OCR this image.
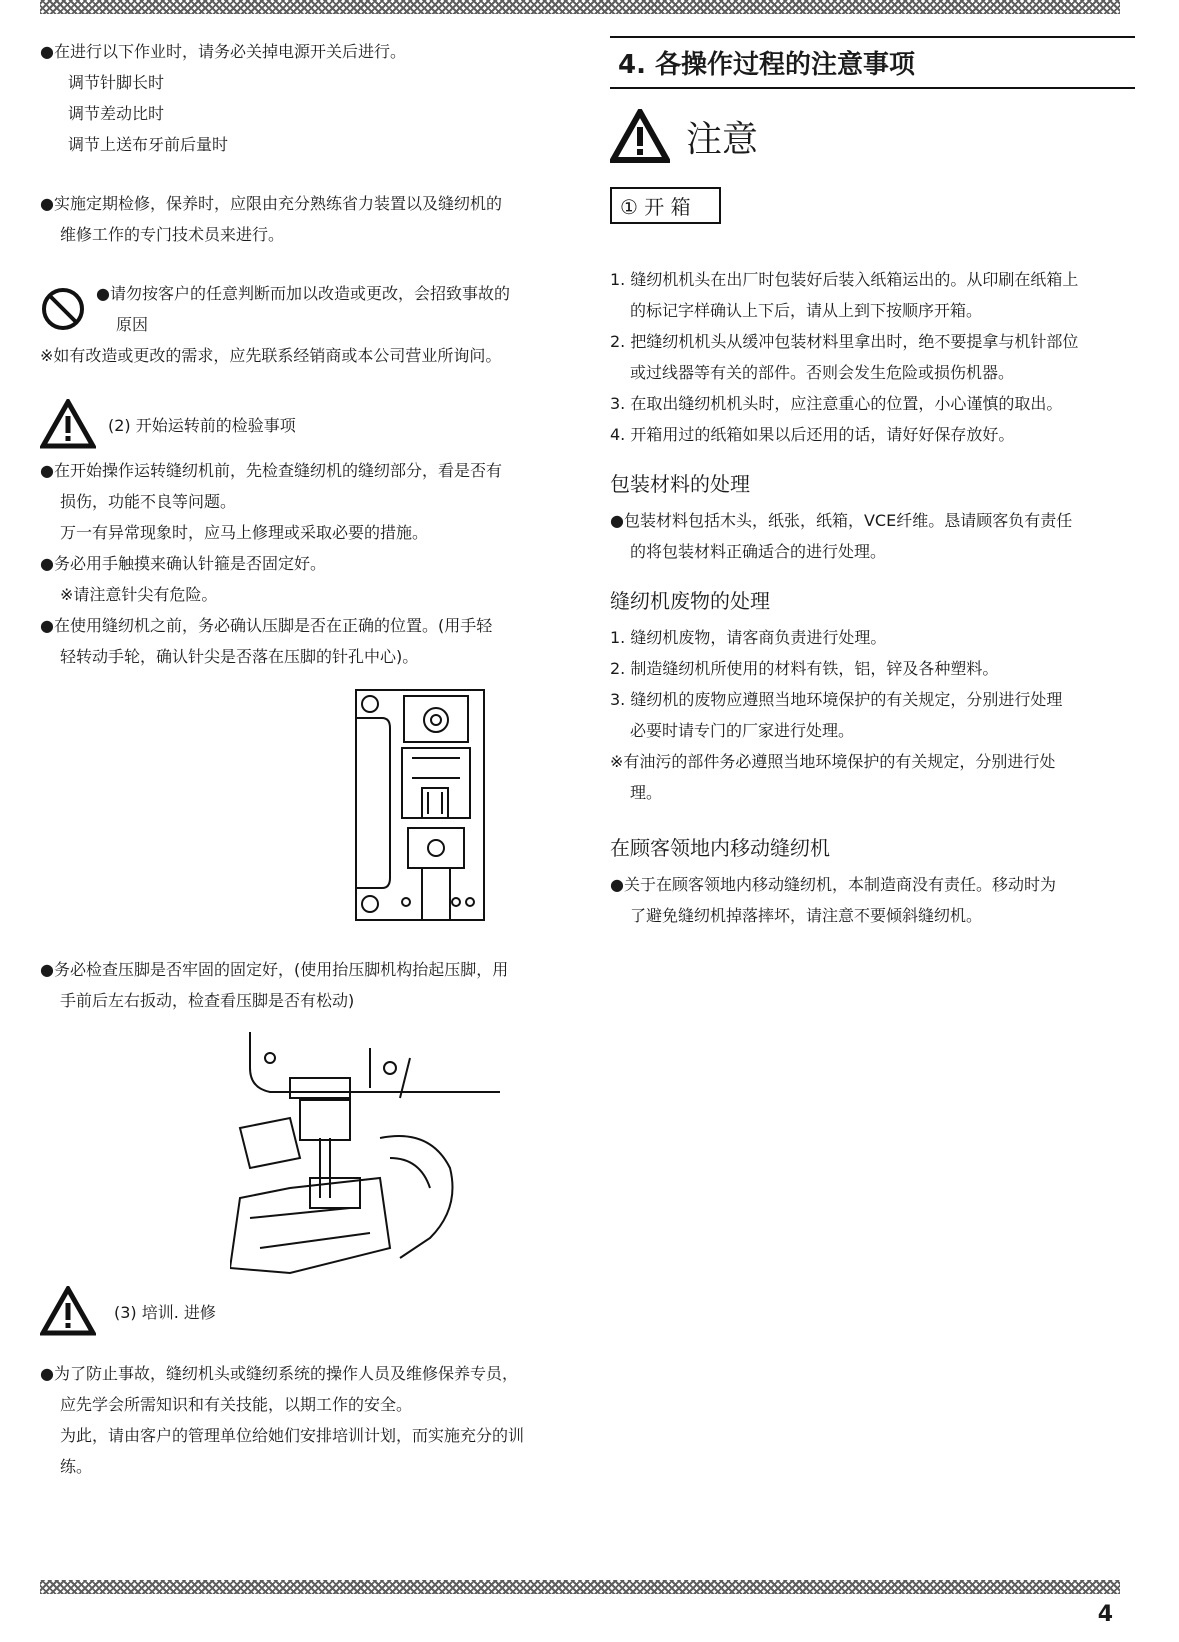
● 在进行以下作业时，请务必关掉电源开关后进行。

调节针脚长时

调节差动比时

调节上送布牙前后量时

● 实施定期检修，保养时，应限由充分熟练省力装置以及缝纫机的

维修工作的专门技术员来进行。

● 请勿按客户的任意判断而加以改造或更改，会招致事故的

原因

※如有改造或更改的需求，应先联系经销商或本公司营业所询问。

(2) 开始运转前的检验事项

● 在开始操作运转缝纫机前，先检查缝纫机的缝纫部分，看是否有

损伤，功能不良等问题。

万一有异常现象时，应马上修理或采取必要的措施。

● 务必用手触摸来确认针箍是否固定好。

※请注意针尖有危险。

● 在使用缝纫机之前，务必确认压脚是否在正确的位置。(用手轻

轻转动手轮，确认针尖是否落在压脚的针孔中心)。

● 务必检查压脚是否牢固的固定好，(使用抬压脚机构抬起压脚，用

手前后左右扳动，检查看压脚是否有松动)

(3) 培训. 进修

● 为了防止事故，缝纫机头或缝纫系统的操作人员及维修保养专员，

应先学会所需知识和有关技能，以期工作的安全。

为此，请由客户的管理单位给她们安排培训计划，而实施充分的训

练。

4. 各操作过程的注意事项
注意
① 开 箱

1. 缝纫机机头在出厂时包装好后装入纸箱运出的。从印刷在纸箱上

的标记字样确认上下后，请从上到下按顺序开箱。

2. 把缝纫机机头从缓冲包装材料里拿出时，绝不要提拿与机针部位

或过线器等有关的部件。否则会发生危险或损伤机器。

3. 在取出缝纫机机头时，应注意重心的位置，小心谨慎的取出。

4. 开箱用过的纸箱如果以后还用的话，请好好保存放好。

包装材料的处理

● 包装材料包括木头，纸张，纸箱，VCE纤维。恳请顾客负有责任

的将包装材料正确适合的进行处理。

缝纫机废物的处理

1. 缝纫机废物，请客商负责进行处理。

2. 制造缝纫机所使用的材料有铁，铝，锌及各种塑料。

3. 缝纫机的废物应遵照当地环境保护的有关规定，分别进行处理

必要时请专门的厂家进行处理。

※有油污的部件务必遵照当地环境保护的有关规定，分别进行处

理。

在顾客领地内移动缝纫机

● 关于在顾客领地内移动缝纫机，本制造商没有责任。移动时为

了避免缝纫机掉落摔坏，请注意不要倾斜缝纫机。

4
